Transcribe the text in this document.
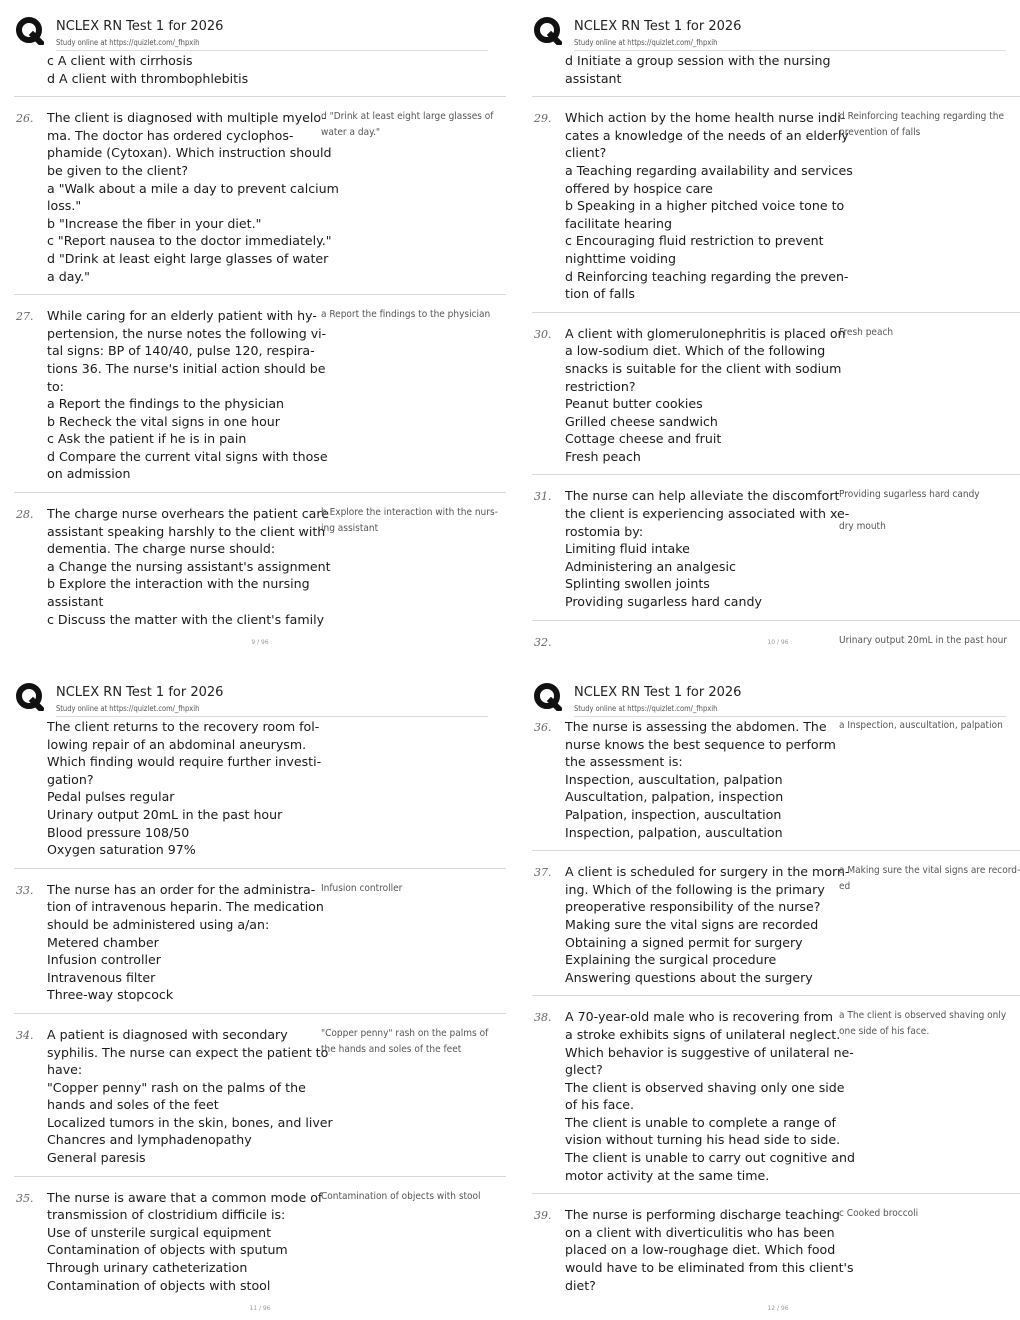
NCLEX RN Test 1 for 2026
Study online at https://quizlet.com/_fhpxih
c A client with cirrhosis
d A client with thrombophlebitis
26.	The client is diagnosed with multiple myelo-
ma. The doctor has ordered cyclophos-
phamide (Cytoxan). Which instruction should
be given to the client?
a "Walk about a mile a day to prevent calcium
loss."
b "Increase the fiber in your diet."
c "Report nausea to the doctor immediately."
d "Drink at least eight large glasses of water
a day."
d "Drink at least eight large glasses of
water a day."
27.	While caring for an elderly patient with hy-
pertension, the nurse notes the following vi-
tal signs: BP of 140/40, pulse 120, respira-
tions 36. The nurse's initial action should be
to:
a Report the findings to the physician
b Recheck the vital signs in one hour
c Ask the patient if he is in pain
d Compare the current vital signs with those
on admission
a Report the findings to the physician
28.	The charge nurse overhears the patient care
assistant speaking harshly to the client with
dementia. The charge nurse should:
a Change the nursing assistant's assignment
b Explore the interaction with the nursing
assistant
c Discuss the matter with the client's family
b Explore the interaction with the nurs-
ing assistant
9 / 96
NCLEX RN Test 1 for 2026
Study online at https://quizlet.com/_fhpxih
d Initiate a group session with the nursing
assistant
29.	Which action by the home health nurse indi-
cates a knowledge of the needs of an elderly
client?
a Teaching regarding availability and services
offered by hospice care
b Speaking in a higher pitched voice tone to
facilitate hearing
c Encouraging fluid restriction to prevent
nighttime voiding
d Reinforcing teaching regarding the preven-
tion of falls
d Reinforcing teaching regarding the
prevention of falls
30.	A client with glomerulonephritis is placed on
a low-sodium diet. Which of the following
snacks is suitable for the client with sodium
restriction?
Peanut butter cookies
Grilled cheese sandwich
Cottage cheese and fruit
Fresh peach
Fresh peach
31.	The nurse can help alleviate the discomfort
the client is experiencing associated with xe-
rostomia by:
Limiting fluid intake
Administering an analgesic
Splinting swollen joints
Providing sugarless hard candy
Providing sugarless hard candy

dry mouth
32.
	Urinary output 20mL in the past hour
10 / 96
NCLEX RN Test 1 for 2026
Study online at https://quizlet.com/_fhpxih
The client returns to the recovery room fol-
lowing repair of an abdominal aneurysm.
Which finding would require further investi-
gation?
Pedal pulses regular
Urinary output 20mL in the past hour
Blood pressure 108/50
Oxygen saturation 97%
33.	The nurse has an order for the administra-
tion of intravenous heparin. The medication
should be administered using a/an:
Metered chamber
Infusion controller
Intravenous filter
Three-way stopcock
Infusion controller
34.	A patient is diagnosed with secondary
syphilis. The nurse can expect the patient to
have:
"Copper penny" rash on the palms of the
hands and soles of the feet
Localized tumors in the skin, bones, and liver
Chancres and lymphadenopathy
General paresis
"Copper penny" rash on the palms of
the hands and soles of the feet
35.	The nurse is aware that a common mode of
transmission of clostridium difficile is:
Use of unsterile surgical equipment
Contamination of objects with sputum
Through urinary catheterization
Contamination of objects with stool
Contamination of objects with stool
11 / 96
NCLEX RN Test 1 for 2026
Study online at https://quizlet.com/_fhpxih
36.	The nurse is assessing the abdomen. The
nurse knows the best sequence to perform
the assessment is:
Inspection, auscultation, palpation
Auscultation, palpation, inspection
Palpation, inspection, auscultation
Inspection, palpation, auscultation
a Inspection, auscultation, palpation
37.	A client is scheduled for surgery in the morn-
ing. Which of the following is the primary
preoperative responsibility of the nurse?
Making sure the vital signs are recorded
Obtaining a signed permit for surgery
Explaining the surgical procedure
Answering questions about the surgery
a Making sure the vital signs are record-
ed
38.	A 70-year-old male who is recovering from
a stroke exhibits signs of unilateral neglect.
Which behavior is suggestive of unilateral ne-
glect?
The client is observed shaving only one side
of his face.
The client is unable to complete a range of
vision without turning his head side to side.
The client is unable to carry out cognitive and
motor activity at the same time.
a The client is observed shaving only
one side of his face.
39.	The nurse is performing discharge teaching
on a client with diverticulitis who has been
placed on a low-roughage diet. Which food
would have to be eliminated from this client's
diet?
c Cooked broccoli
12 / 96
